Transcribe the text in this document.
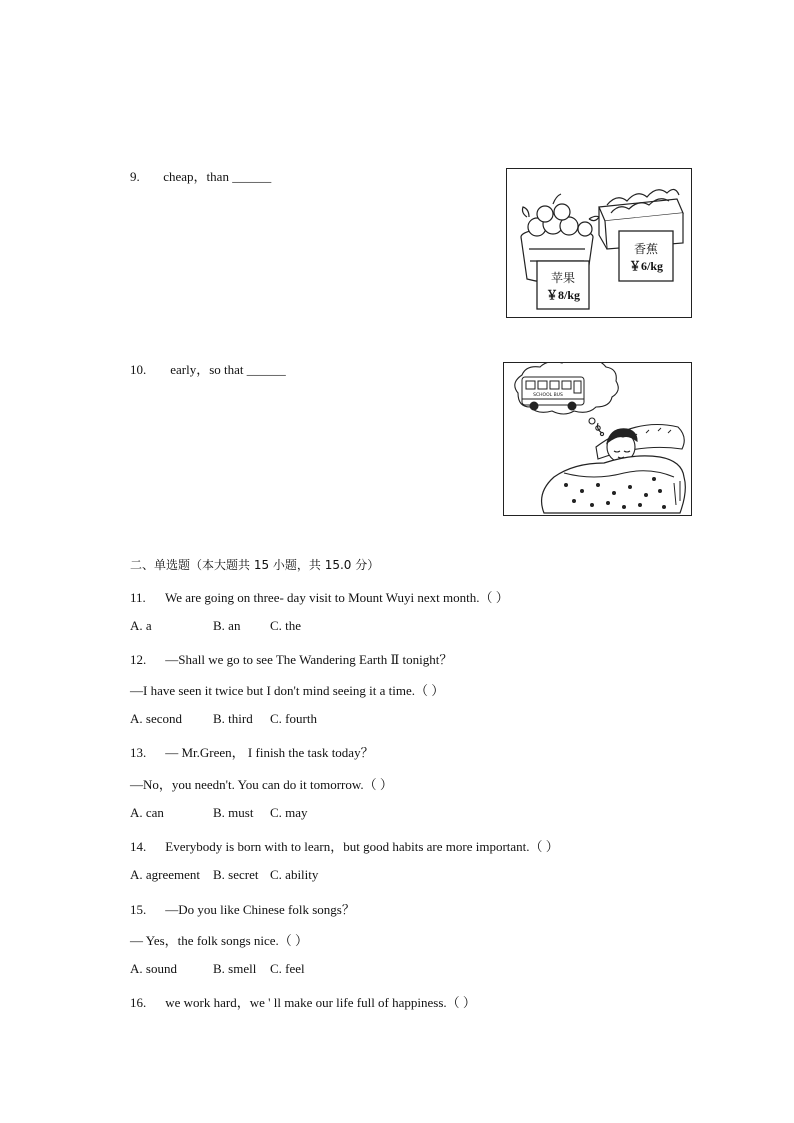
9. cheap，than ______
香蕉
￥6/kg
苹果
￥8/kg
10. early，so that ______
SCHOOL BUS
二、单选题（本大题共 15 小题，共 15.0 分）
11. We are going on three- day visit to Mount Wuyi next month.（ ）
A. a	B. an C. the
12. —Shall we go to see The Wandering Earth Ⅱ tonight？
—I have seen it twice but I don't mind seeing it a time.（ ）
A. second B. third C. fourth
13. — Mr.Green， I finish the task today？
—No，you needn't. You can do it tomorrow.（ ）
A. can	B. must C. may
14. Everybody is born with to learn，but good habits are more important.（ ）
A. agreement B. secret C. ability
15. —Do you like Chinese folk songs？
— Yes，the folk songs nice.（ ）
A. sound	B. smell C. feel
16. we work hard，we ' ll make our life full of happiness.（ ）
